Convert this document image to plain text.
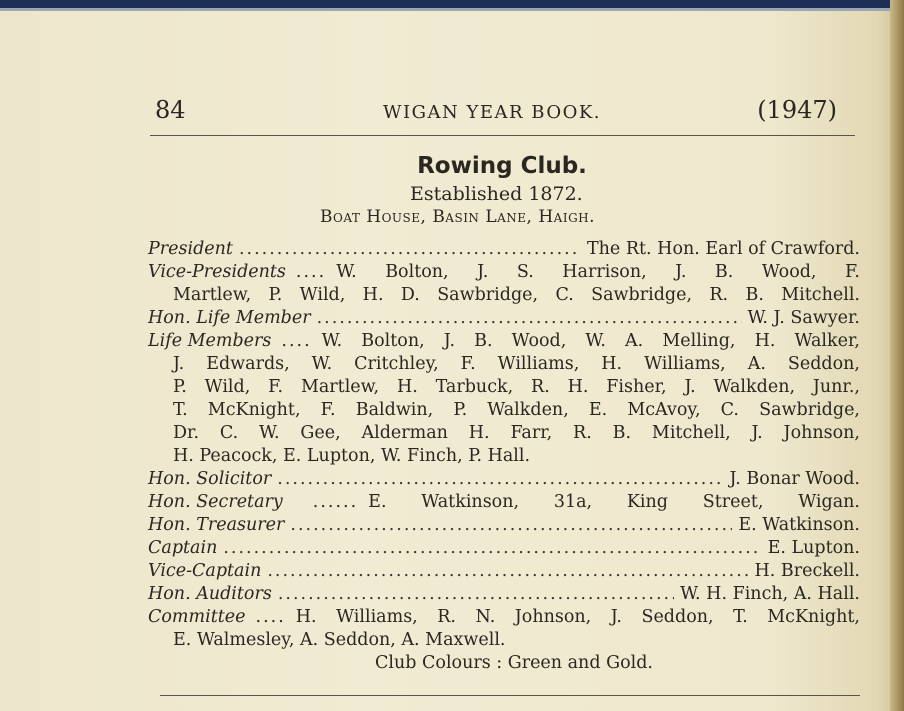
84	WIGAN YEAR BOOK.	(1947)
Rowing Club.
Established 1872.
Boat House, Basin Lane, Haigh.
President .....	The Rt. Hon. Earl of Crawford.
Vice-Presidents .... W. Bolton, J. S. Harrison, J. B. Wood, F.
Martlew, P. Wild, H. D. Sawbridge, C. Sawbridge, R. B. Mitchell.
Hon. Life Member .....	W. J. Sawyer.
Life Members .... W. Bolton, J. B. Wood, W. A. Melling, H. Walker,
J. Edwards, W. Critchley, F. Williams, H. Williams, A. Seddon,
P. Wild, F. Martlew, H. Tarbuck, R. H. Fisher, J. Walkden, Junr.,
T. McKnight, F. Baldwin, P. Walkden, E. McAvoy, C. Sawbridge,
Dr. C. W. Gee, Alderman H. Farr, R. B. Mitchell, J. Johnson,
H. Peacock, E. Lupton, W. Finch, P. Hall.
Hon. Solicitor .....	J. Bonar Wood.
Hon. Secretary ...... E. Watkinson, 31a, King Street, Wigan.
Hon. Treasurer .....	E. Watkinson.
Captain .....	E. Lupton.
Vice-Captain .....	H. Breckell.
Hon. Auditors .....	W. H. Finch, A. Hall.
Committee .... H. Williams, R. N. Johnson, J. Seddon, T. McKnight,
E. Walmesley, A. Seddon, A. Maxwell.
Club Colours : Green and Gold.
